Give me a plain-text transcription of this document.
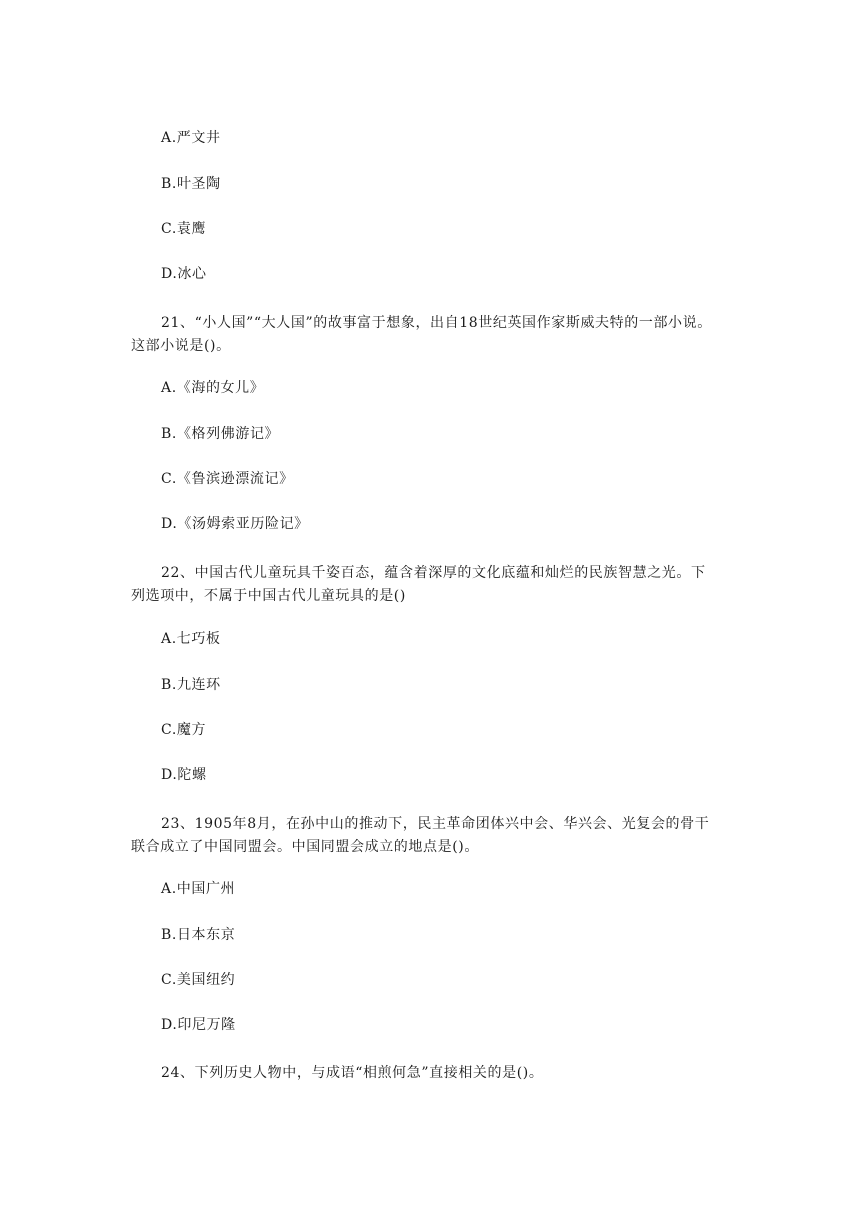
A.严文井
B.叶圣陶
C.袁鹰
D.冰心
21、“小人国”“大人国”的故事富于想象，出自18世纪英国作家斯威夫特的一部小说。
这部小说是()。
A.《海的女儿》
B.《格列佛游记》
C.《鲁滨逊漂流记》
D.《汤姆索亚历险记》
22、中国古代儿童玩具千姿百态，蕴含着深厚的文化底蕴和灿烂的民族智慧之光。下
列选项中，不属于中国古代儿童玩具的是()
A.七巧板
B.九连环
C.魔方
D.陀螺
23、1905年8月，在孙中山的推动下，民主革命团体兴中会、华兴会、光复会的骨干
联合成立了中国同盟会。中国同盟会成立的地点是()。
A.中国广州
B.日本东京
C.美国纽约
D.印尼万隆
24、下列历史人物中，与成语“相煎何急”直接相关的是()。
